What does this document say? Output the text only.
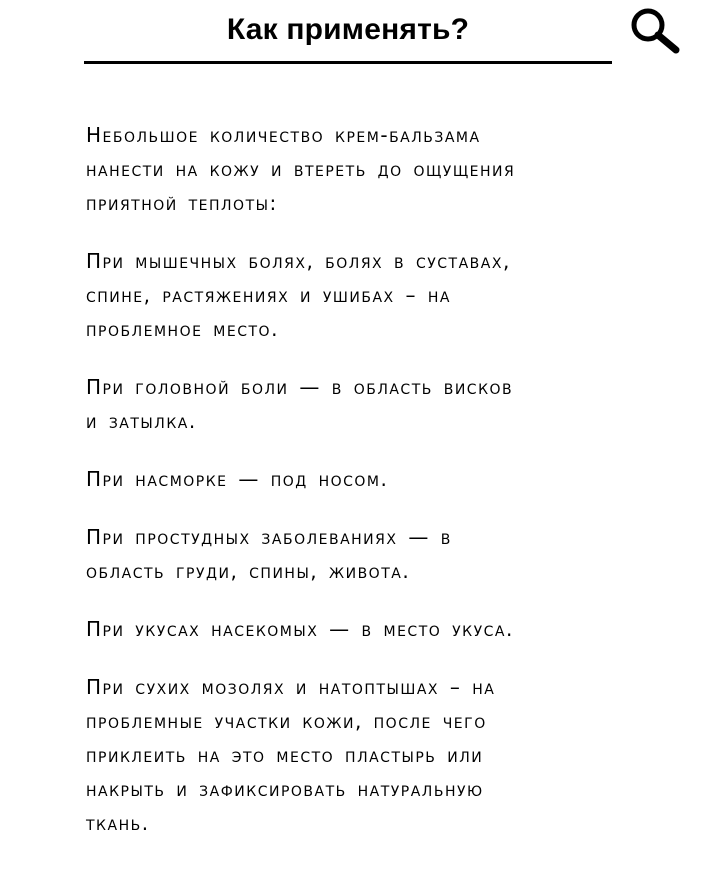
Как применять?

Небольшое количество крем-бальзама
нанести на кожу и втереть до ощущения
приятной теплоты:

При мышечных болях, болях в суставах,
спине, растяжениях и ушибах – на
проблемное место.

При головной боли — в область висков
и затылка.

При насморке — под носом.

При простудных заболеваниях — в
область груди, спины, живота.

При укусах насекомых — в место укуса.

При сухих мозолях и натоптышах – на
проблемные участки кожи, после чего
приклеить на это место пластырь или
накрыть и зафиксировать натуральную
ткань.
